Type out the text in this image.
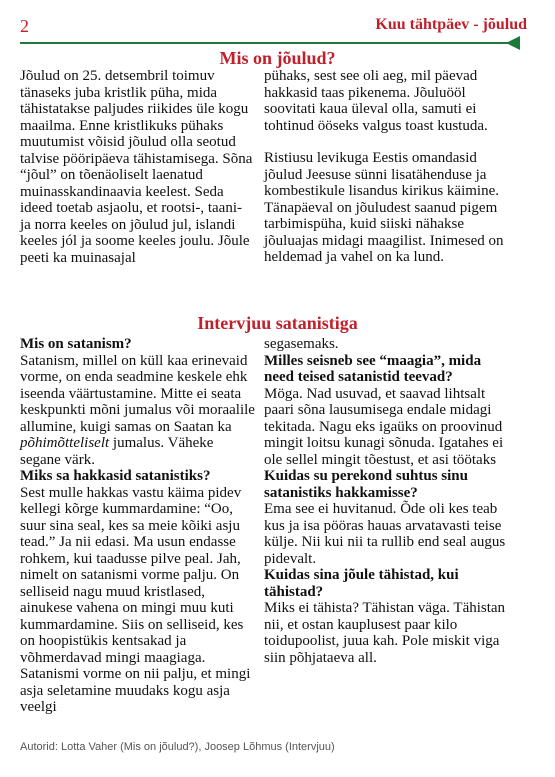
2	Kuu tähtpäev - jõulud
Mis on jõulud?

Jõulud on 25. detsembril toimuv tänaseks juba kristlik püha, mida tähistatakse paljudes riikides üle kogu maailma. Enne kristlikuks pühaks muutumist võisid jõulud olla seotud talvise pööripäeva tähistamisega. Sõna “jõul” on tõenäoliselt laenatud muinasskandinaavia keelest. Seda ideed toetab asjaolu, et rootsi-, taani- ja norra keeles on jõulud jul, islandi keeles jól ja soome keeles joulu. Jõule peeti ka muinasajal

pühaks, sest see oli aeg, mil päevad hakkasid taas pikenema. Jõuluööl soovitati kaua üleval olla, samuti ei tohtinud ööseks valgus toast kustuda.

Ristiusu levikuga Eestis omandasid jõulud Jeesuse sünni lisatähenduse ja kombestikule lisandus kirikus käimine. Tänapäeval on jõuludest saanud pigem tarbimispüha, kuid siiski nähakse jõuluajas midagi maagilist. Inimesed on heldemad ja vahel on ka lund.

Intervjuu satanistiga

Mis on satanism?

Satanism, millel on küll kaa erinevaid vorme, on enda seadmine keskele ehk iseenda väärtustamine. Mitte ei seata keskpunkti mõni jumalus või moraalile allumine, kuigi samas on Saatan ka põhimõtteliselt jumalus. Väheke segane värk.

Miks sa hakkasid satanistiks?

Sest mulle hakkas vastu käima pidev kellegi kõrge kummardamine: “Oo, suur sina seal, kes sa meie kõiki asju tead.” Ja nii edasi. Ma usun endasse rohkem, kui taadusse pilve peal. Jah, nimelt on satanismi vorme palju. On selliseid nagu muud kristlased, ainukese vahena on mingi muu kuti kummardamine. Siis on selliseid, kes on hoopistükis kentsakad ja võhmerdavad mingi maagiaga. Satanismi vorme on nii palju, et mingi asja seletamine muudaks kogu asja veelgi

segasemaks.

Milles seisneb see “maagia”, mida need teised satanistid teevad?

Möga. Nad usuvad, et saavad lihtsalt paari sõna lausumisega endale midagi tekitada. Nagu eks igaüks on proovinud mingit loitsu kunagi sõnuda. Igatahes ei ole sellel mingit tõestust, et asi töötaks

Kuidas su perekond suhtus sinu satanistiks hakkamisse?

Ema see ei huvitanud. Õde oli kes teab kus ja isa pööras hauas arvatavasti teise külje. Nii kui nii ta rullib end seal augus pidevalt.

Kuidas sina jõule tähistad, kui tähistad?

Miks ei tähista? Tähistan väga. Tähistan nii, et ostan kauplusest paar kilo toidupoolist, juua kah. Pole miskit viga siin põhjataeva all.

Autorid: Lotta Vaher (Mis on jõulud?), Joosep Lõhmus (Intervjuu)
